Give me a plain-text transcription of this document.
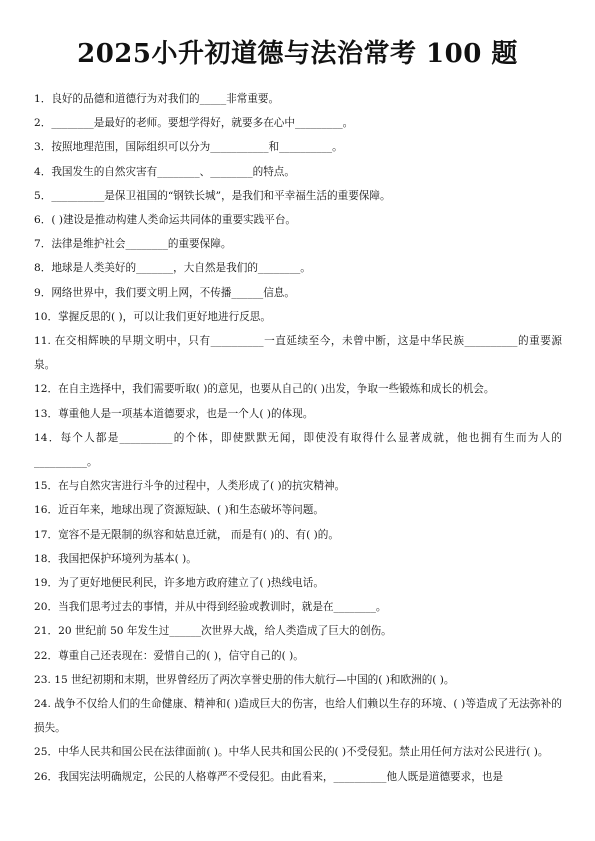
2025小升初道德与法治常考 100 题
1．良好的品德和道德行为对我们的_____非常重要。
2．________是最好的老师。要想学得好，就要多在心中_________。
3．按照地理范围，国际组织可以分为___________和__________。
4．我国发生的自然灾害有________、________的特点。
5．__________是保卫祖国的“钢铁长城”，是我们和平幸福生活的重要保障。
6．( )建设是推动构建人类命运共同体的重要实践平台。
7．法律是维护社会________的重要保障。
8．地球是人类美好的_______，大自然是我们的________。
9．网络世界中，我们要文明上网，不传播______信息。
10．掌握反思的( )，可以让我们更好地进行反思。
11. 在交相辉映的早期文明中，只有__________一直延续至今，未曾中断，这是中华民族__________的重要源泉。
12．在自主选择中，我们需要听取( )的意见，也要从自己的( )出发，争取一些锻炼和成长的机会。
13．尊重他人是一项基本道德要求，也是一个人( )的体现。
14．每个人都是__________的个体，即使默默无闻，即使没有取得什么显著成就，他也拥有生而为人的__________。
15．在与自然灾害进行斗争的过程中，人类形成了( )的抗灾精神。
16．近百年来，地球出现了资源短缺、( )和生态破坏等问题。
17．宽容不是无限制的纵容和姑息迁就， 而是有( )的、有( )的。
18．我国把保护环境列为基本( )。
19．为了更好地便民利民，许多地方政府建立了( )热线电话。
20．当我们思考过去的事情，并从中得到经验或教训时，就是在________。
21．20 世纪前 50 年发生过______次世界大战，给人类造成了巨大的创伤。
22．尊重自己还表现在：爱惜自己的( )，信守自己的( )。
23. 15 世纪初期和末期，世界曾经历了两次享誉史册的伟大航行—中国的( )和欧洲的( )。
24. 战争不仅给人们的生命健康、精神和( )造成巨大的伤害，也给人们赖以生存的环境、( )等造成了无法弥补的损失。
25．中华人民共和国公民在法律面前( )。中华人民共和国公民的( )不受侵犯。禁止用任何方法对公民进行( )。
26．我国宪法明确规定，公民的人格尊严不受侵犯。由此看来，__________他人既是道德要求，也是
